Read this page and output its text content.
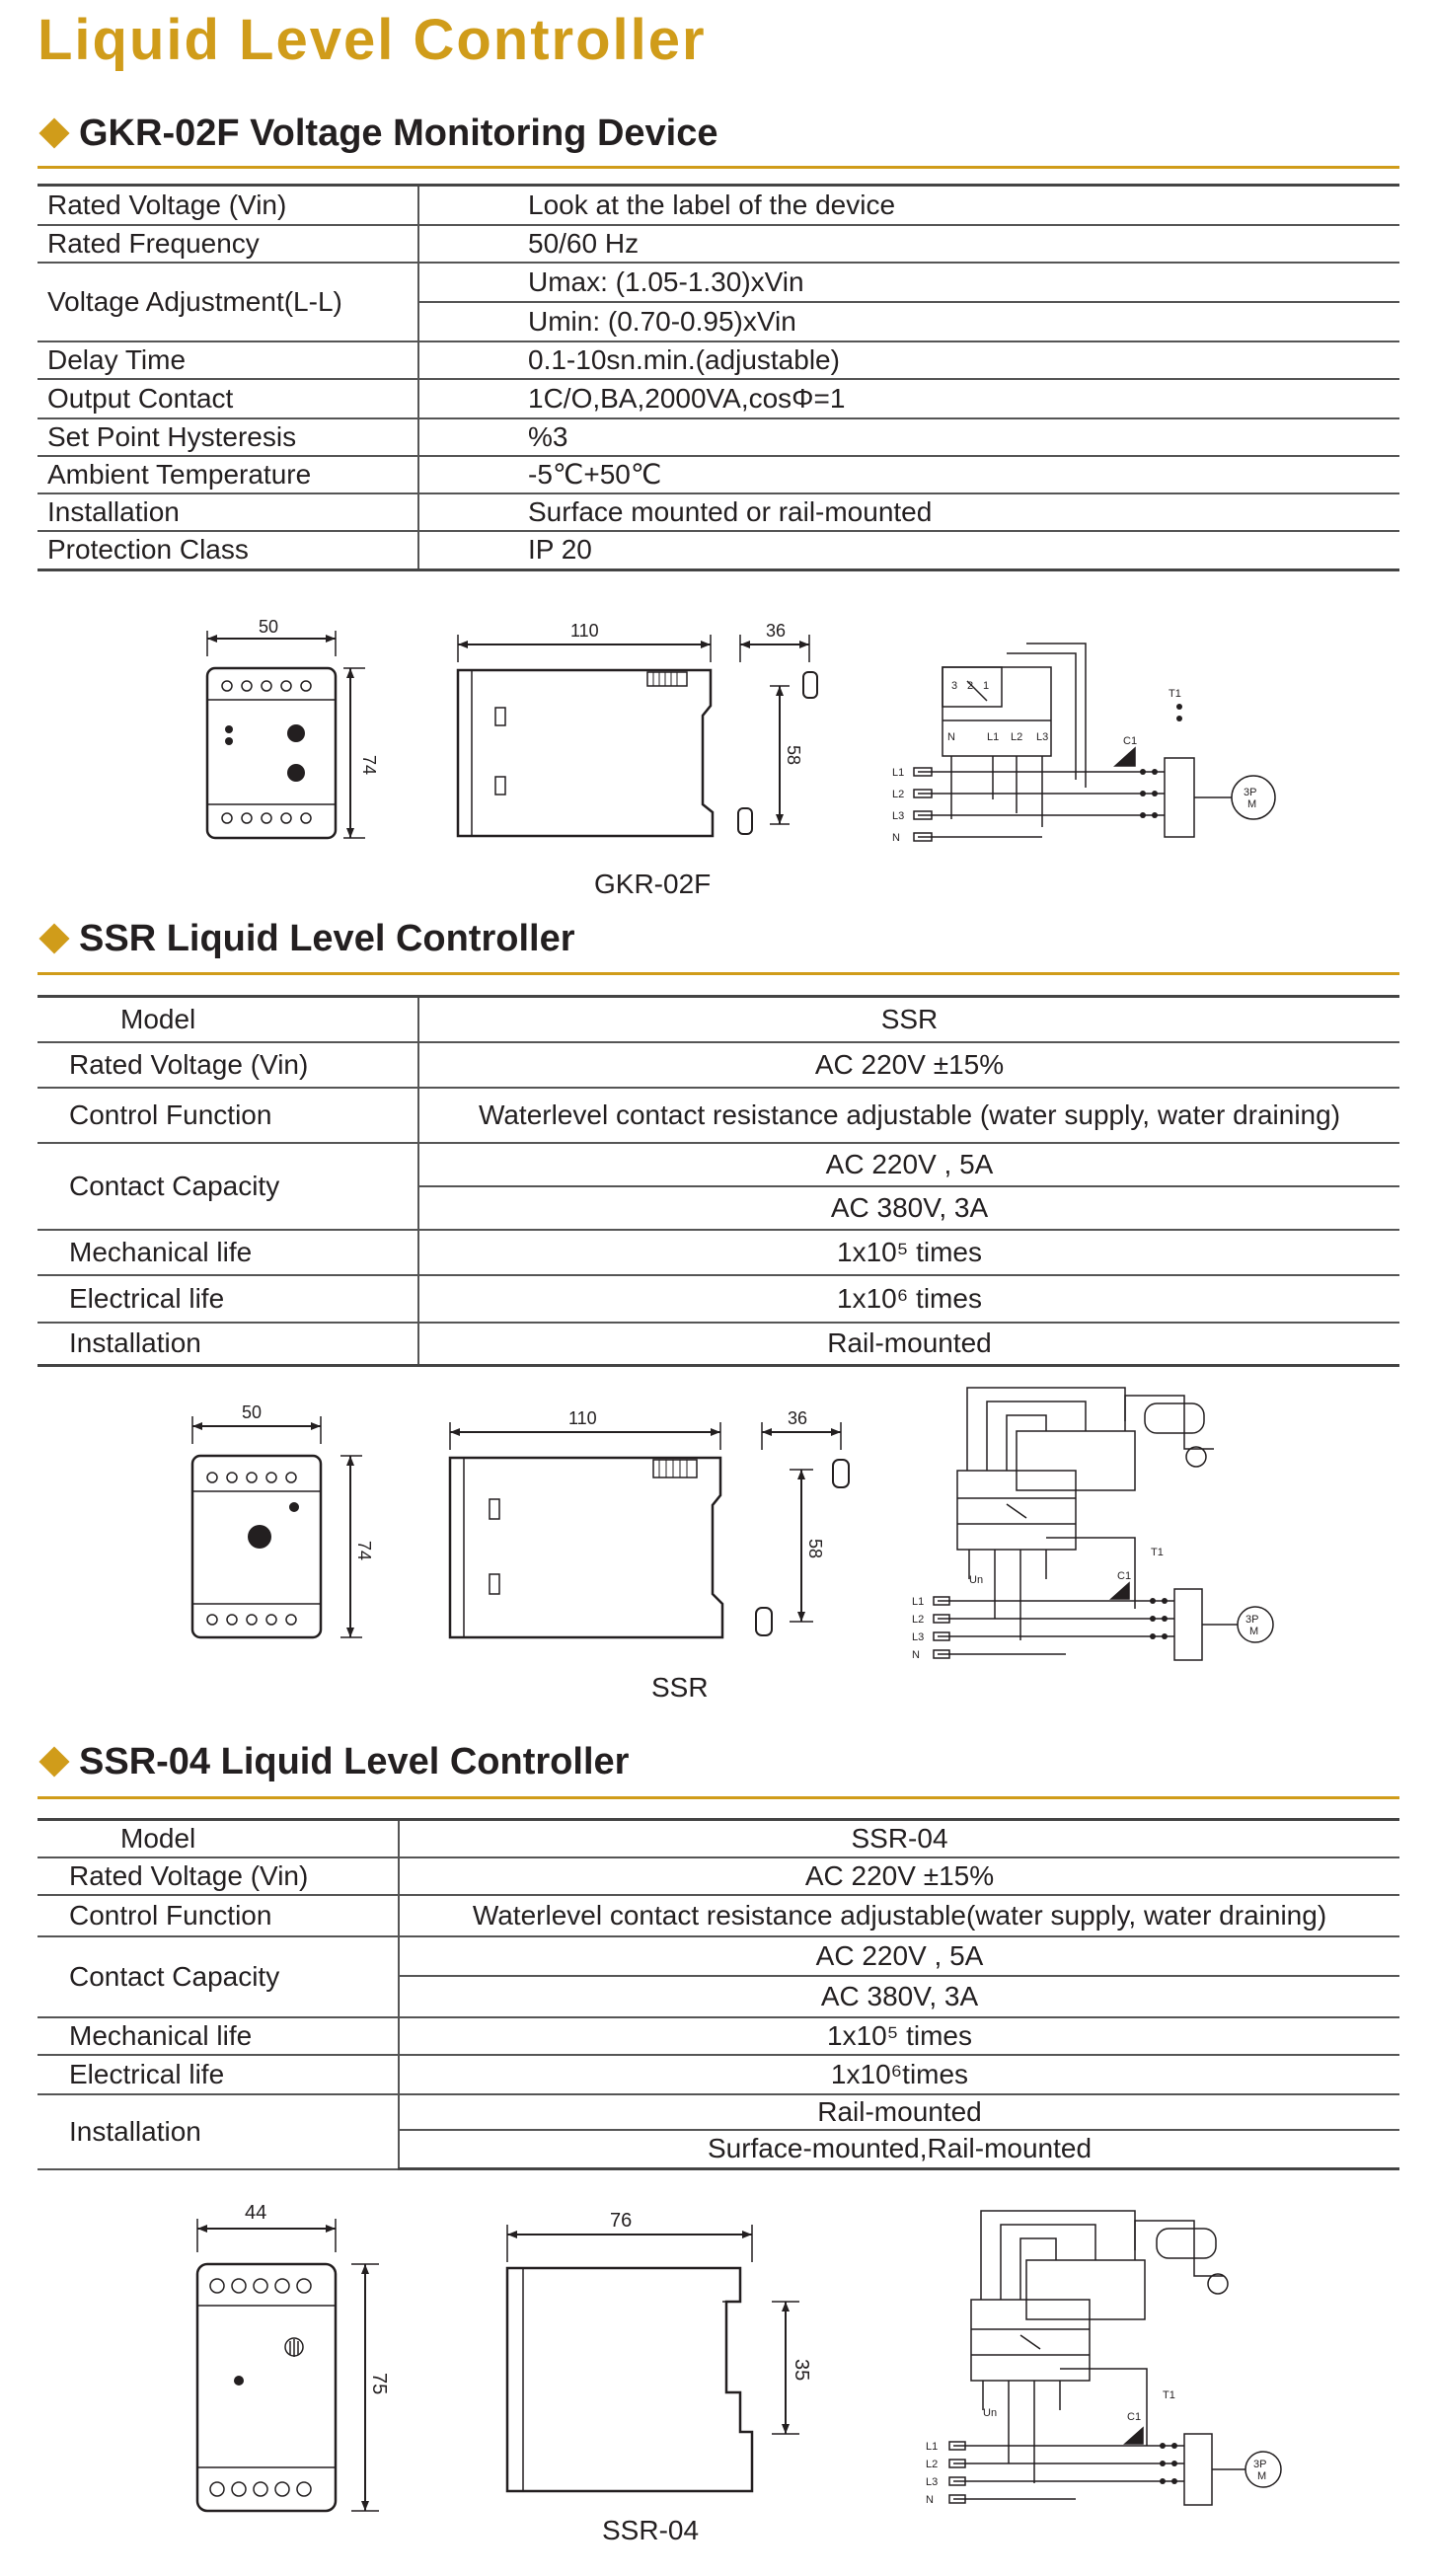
Liquid Level Controller
GKR-02F Voltage Monitoring Device
Rated Voltage (Vin)	Look at the label of the device
Rated Frequency	50/60 Hz
Voltage Adjustment(L-L)	Umax: (1.05-1.30)xVin
	Umin: (0.70-0.95)xVin
Delay Time	0.1-10sn.min.(adjustable)
Output Contact	1C/O,BA,2000VA,cosΦ=1
Set Point Hysteresis	%3
Ambient Temperature	-5℃+50℃
Installation	Surface mounted or rail-mounted
Protection Class	IP 20
50
74
110	36
58
GKR-02F
L1
L2
L3
N
C1
T1
3P
M
3 2 1
N	L1 L2 L3
SSR Liquid Level Controller
Model	SSR
Rated Voltage (Vin)	AC 220V ±15%
Control Function	Waterlevel contact resistance adjustable (water supply, water draining)
Contact Capacity	AC 220V , 5A
	AC 380V, 3A
Mechanical life	1x10⁵ times
Electrical life	1x10⁶ times
Installation	Rail-mounted
50
74
110	36
58
SSR
L1
L2
L3
N
C1
T1
3P
M
Un
SSR-04 Liquid Level Controller
Model	SSR-04
Rated Voltage (Vin)	AC 220V ±15%
Control Function	Waterlevel contact resistance adjustable(water supply, water draining)
Contact Capacity	AC 220V , 5A
	AC 380V, 3A
Mechanical life	1x10⁵ times
Electrical life	1x10⁶times
Installation	Rail-mounted
	Surface-mounted,Rail-mounted
44
75
76
35
SSR-04
L1
L2
L3
N
C1
T1
3P
M
Un
